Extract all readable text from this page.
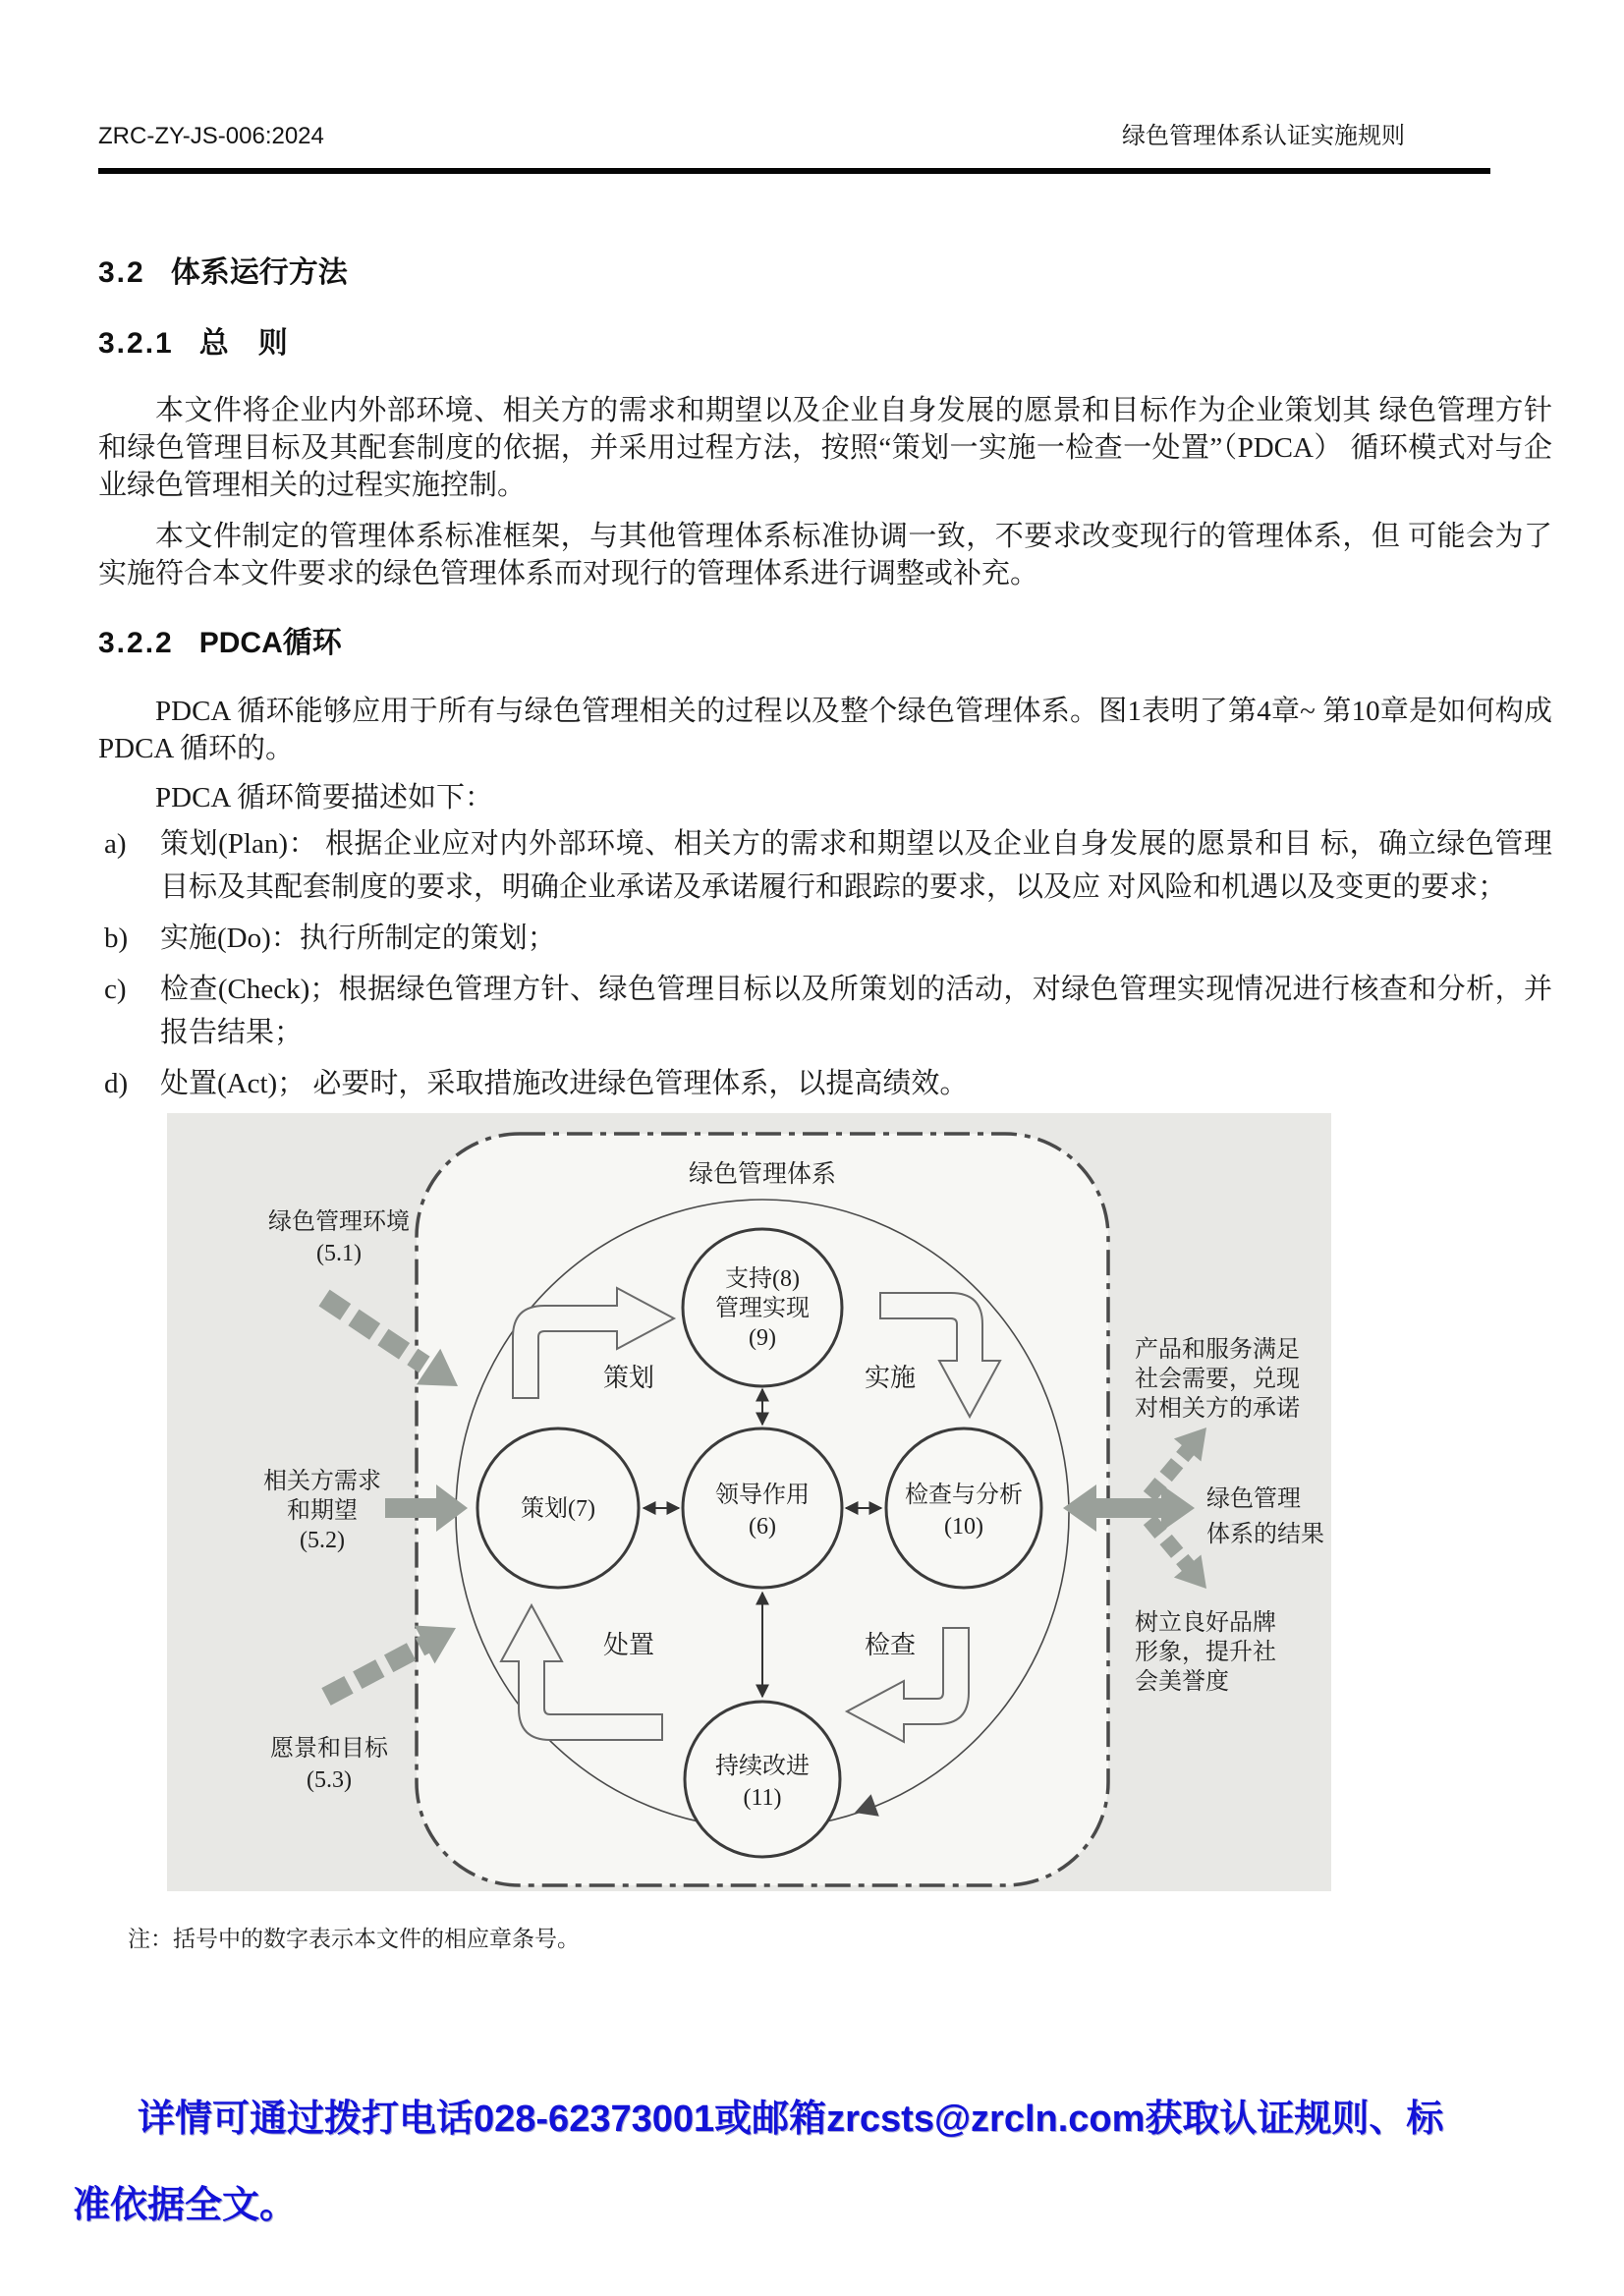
ZRC-ZY-JS-006:2024	绿色管理体系认证实施规则
3.2 体系运行方法
3.2.1 总　则

本文件将企业内外部环境、相关方的需求和期望以及企业自身发展的愿景和目标作为企业策划其 绿色管理方针和绿色管理目标及其配套制度的依据，并采用过程方法，按照“策划一实施一检查一处置”（PDCA） 循环模式对与企业绿色管理相关的过程实施控制。

本文件制定的管理体系标准框架，与其他管理体系标准协调一致，不要求改变现行的管理体系，但 可能会为了实施符合本文件要求的绿色管理体系而对现行的管理体系进行调整或补充。

3.2.2 PDCA循环

PDCA 循环能够应用于所有与绿色管理相关的过程以及整个绿色管理体系。图1表明了第4章~ 第10章是如何构成 PDCA 循环的。

PDCA 循环简要描述如下：

a)	策划(Plan)： 根据企业应对内外部环境、相关方的需求和期望以及企业自身发展的愿景和目 标，确立绿色管理目标及其配套制度的要求，明确企业承诺及承诺履行和跟踪的要求，以及应 对风险和机遇以及变更的要求；
b)	实施(Do)：执行所制定的策划；
c)	检查(Check)；根据绿色管理方针、绿色管理目标以及所策划的活动，对绿色管理实现情况进行核查和分析，并报告结果；
d)	处置(Act)； 必要时，采取措施改进绿色管理体系，以提高绩效。
绿色管理体系
策划	实施
处置	检查
支持(8)
管理实现
(9)
策划(7)
领导作用
(6)
检查与分析
(10)
持续改进
(11)
绿色管理环境
(5.1)
相关方需求
和期望
(5.2)
愿景和目标
(5.3)
产品和服务满足
社会需要，兑现
对相关方的承诺
绿色管理
体系的结果
树立良好品牌
形象，提升社
会美誉度
注：括号中的数字表示本文件的相应章条号。
详情可通过拨打电话028-62373001或邮箱zrcsts@zrcln.com获取认证规则、标
准依据全文。
